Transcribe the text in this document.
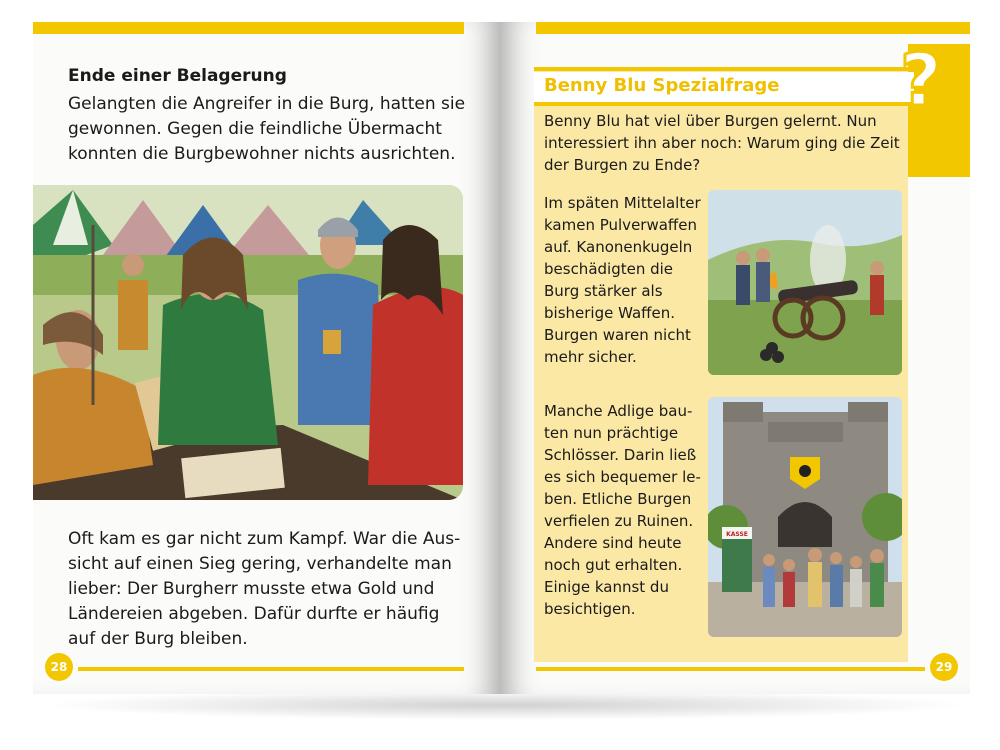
Ende einer Belagerung
Gelangten die Angreifer in die Burg, hatten sie
gewonnen. Gegen die feindliche Übermacht
konnten die Burgbewohner nichts ausrichten.
Oft kam es gar nicht zum Kampf. War die Aus-
sicht auf einen Sieg gering, verhandelte man
lieber: Der Burgherr musste etwa Gold und
Ländereien abgeben. Dafür durfte er häufig
auf der Burg bleiben.
28
Benny Blu Spezialfrage ?
Benny Blu hat viel über Burgen gelernt. Nun
interessiert ihn aber noch: Warum ging die Zeit
der Burgen zu Ende?
Im späten Mittelalter
kamen Pulverwaffen
auf. Kanonenkugeln
beschädigten die
Burg stärker als
bisherige Waffen.
Burgen waren nicht
mehr sicher.
Manche Adlige bau-
ten nun prächtige
Schlösser. Darin ließ
es sich bequemer le-
ben. Etliche Burgen
verfielen zu Ruinen.
Andere sind heute
noch gut erhalten.
Einige kannst du
besichtigen.
KASSE
29
